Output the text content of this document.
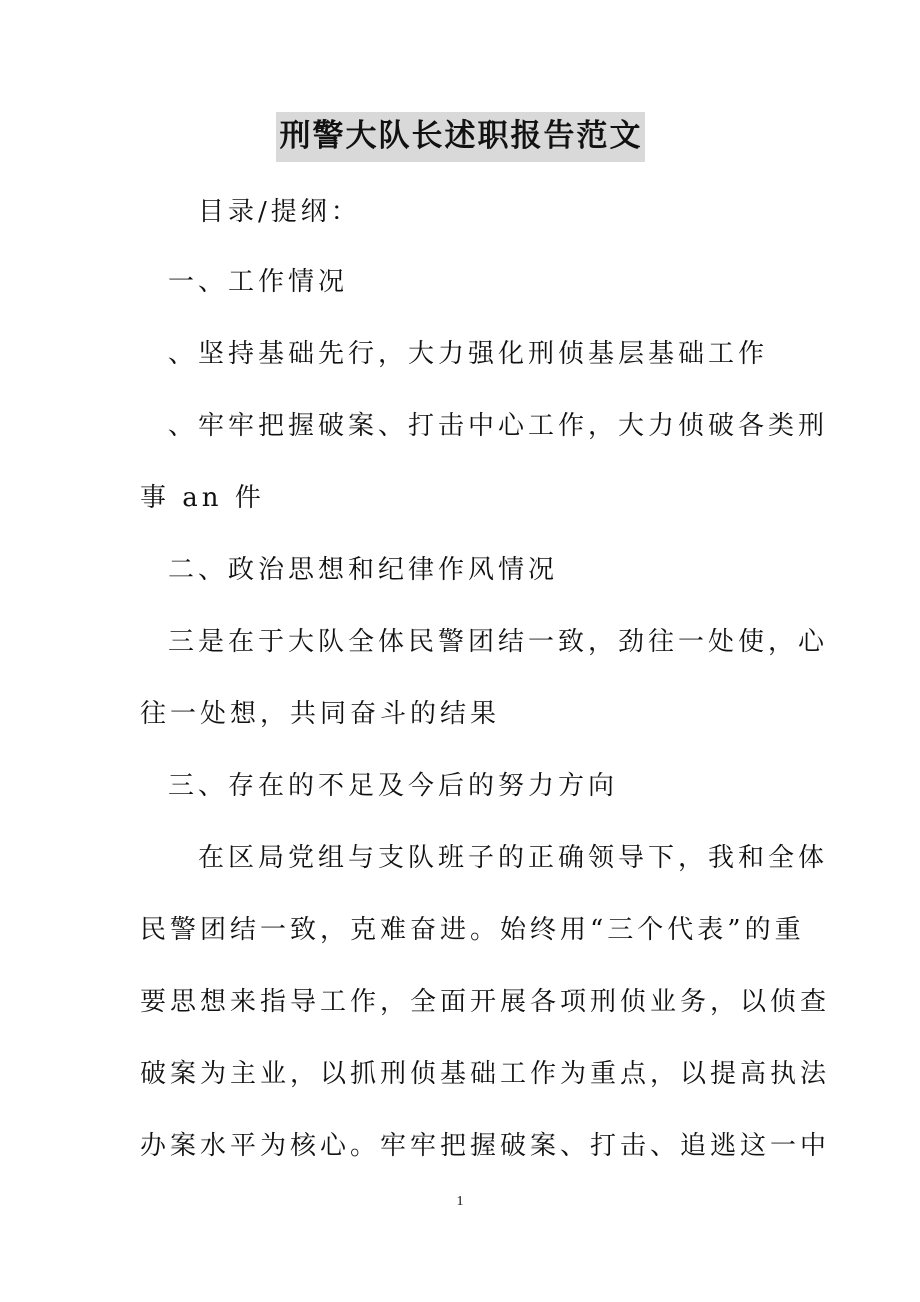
刑警大队长述职报告范文
目录/提纲：
一、工作情况
、坚持基础先行，大力强化刑侦基层基础工作
、牢牢把握破案、打击中心工作，大力侦破各类刑
事 an 件
二、政治思想和纪律作风情况
三是在于大队全体民警团结一致，劲往一处使，心
往一处想，共同奋斗的结果
三、存在的不足及今后的努力方向
在区局党组与支队班子的正确领导下，我和全体
民警团结一致，克难奋进。始终用“三个代表”的重
要思想来指导工作，全面开展各项刑侦业务，以侦查
破案为主业，以抓刑侦基础工作为重点，以提高执法
办案水平为核心。牢牢把握破案、打击、追逃这一中
1
